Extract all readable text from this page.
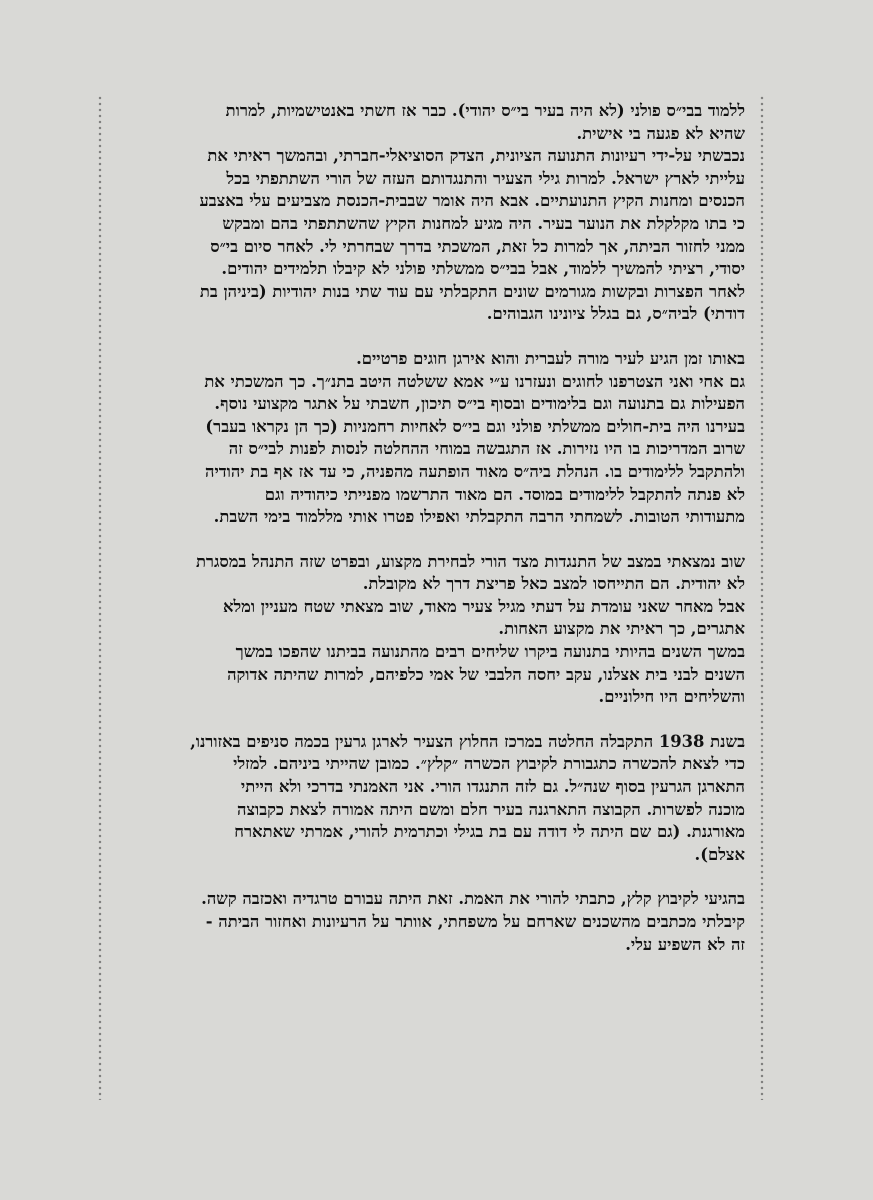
ללמוד בבי״ס פולני (לא היה בעיר בי״ס יהודי). כבר אז חשתי באנטישמיות, למרות
שהיא לא פגעה בי אישית.

נכבשתי על-ידי רעיונות התנועה הציונית, הצדק הסוציאלי-חברתי, ובהמשך ראיתי את
עלייתי לארץ ישראל. למרות גילי הצעיר והתנגדותם העזה של הורי השתתפתי בכל
הכנסים ומחנות הקיץ התנועתיים. אבא היה אומר שבבית-הכנסת מצביעים עלי באצבע
כי בתו מקלקלת את הנוער בעיר. היה מגיע למחנות הקיץ שהשתתפתי בהם ומבקש
ממני לחזור הביתה, אך למרות כל זאת, המשכתי בדרך שבחרתי לי. לאחר סיום בי״ס
יסודי, רציתי להמשיך ללמוד, אבל בבי״ס ממשלתי פולני לא קיבלו תלמידים יהודים.
לאחר הפצרות ובקשות מגורמים שונים התקבלתי עם עוד שתי בנות יהודיות (ביניהן בת
דודתי) לביה״ס, גם בגלל ציונינו הגבוהים.

באותו זמן הגיע לעיר מורה לעברית והוא אירגן חוגים פרטיים.
גם אחי ואני הצטרפנו לחוגים ונעזרנו ע״י אמא ששלטה היטב בתנ״ך. כך המשכתי את
הפעילות גם בתנועה וגם בלימודים ובסוף בי״ס תיכון, חשבתי על אתגר מקצועי נוסף.
בעירנו היה בית-חולים ממשלתי פולני וגם בי״ס לאחיות רחמניות (כך הן נקראו בעבר)
שרוב המדריכות בו היו נזירות. אז התגבשה במוחי ההחלטה לנסות לפנות לבי״ס זה
ולהתקבל ללימודים בו. הנהלת ביה״ס מאוד הופתעה מהפניה, כי עד אז אף בת יהודיה
לא פנתה להתקבל ללימודים במוסד. הם מאוד התרשמו מפנייתי כיהודיה וגם
מתעודותי הטובות. לשמחתי הרבה התקבלתי ואפילו פטרו אותי מללמוד בימי השבת.

שוב נמצאתי במצב של התנגדות מצד הורי לבחירת מקצוע, ובפרט שזה התנהל במסגרת
לא יהודית. הם התייחסו למצב כאל פריצת דרך לא מקובלת.
אבל מאחר שאני עומדת על דעתי מגיל צעיר מאוד, שוב מצאתי שטח מעניין ומלא
אתגרים, כך ראיתי את מקצוע האחות.
במשך השנים בהיותי בתנועה ביקרו שליחים רבים מהתנועה בביתנו שהפכו במשך
השנים לבני בית אצלנו, עקב יחסה הלבבי של אמי כלפיהם, למרות שהיתה אדוקה
והשליחים היו חילוניים.

בשנת 1938 התקבלה החלטה במרכז החלוץ הצעיר לארגן גרעין בכמה סניפים באזורנו,
כדי לצאת להכשרה כתגבורת לקיבוץ הכשרה ״קלץ״. כמובן שהייתי ביניהם. למזלי
התארגן הגרעין בסוף שנה״ל. גם לזה התנגדו הורי. אני האמנתי בדרכי ולא הייתי
מוכנה לפשרות. הקבוצה התארגנה בעיר חלם ומשם היתה אמורה לצאת כקבוצה
מאורגנת. (גם שם היתה לי דודה עם בת בגילי וכתרמית להורי, אמרתי שאתארח
אצלם).

בהגיעי לקיבוץ קלץ, כתבתי להורי את האמת. זאת היתה עבורם טרגדיה ואכזבה קשה.
קיבלתי מכתבים מהשכנים שארחם על משפחתי, אוותר על הרעיונות ואחזור הביתה -
זה לא השפיע עלי.
